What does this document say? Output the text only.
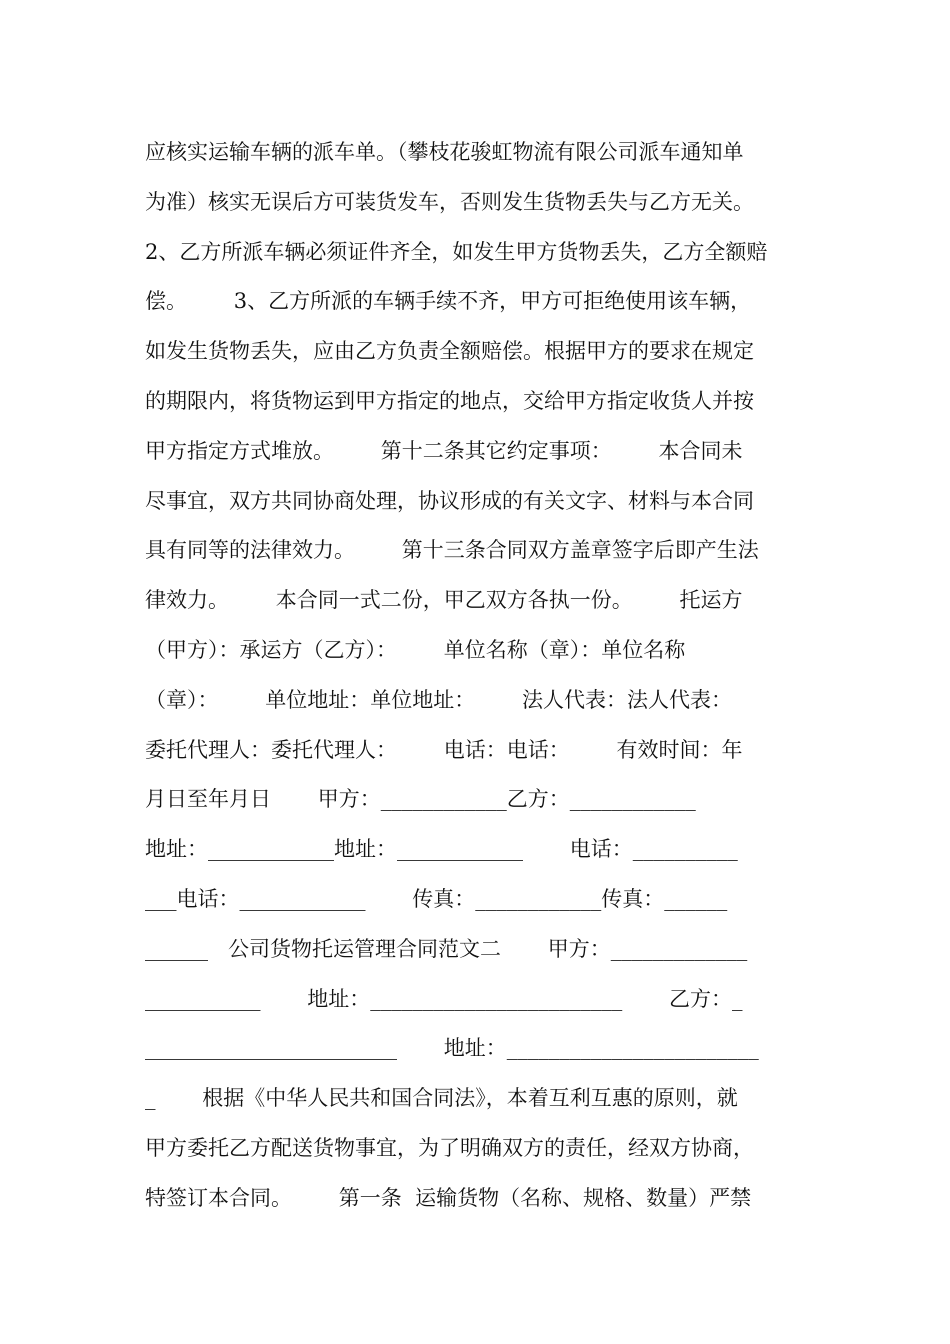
应核实运输车辆的派车单。（攀枝花骏虹物流有限公司派车通知单
为准）核实无误后方可装货发车，否则发生货物丢失与乙方无关。
2、乙方所派车辆必须证件齐全，如发生甲方货物丢失，乙方全额赔
偿。       3、乙方所派的车辆手续不齐，甲方可拒绝使用该车辆，
如发生货物丢失，应由乙方负责全额赔偿。根据甲方的要求在规定
的期限内，将货物运到甲方指定的地点，交给甲方指定收货人并按
甲方指定方式堆放。       第十二条其它约定事项：       本合同未
尽事宜，双方共同协商处理，协议形成的有关文字、材料与本合同
具有同等的法律效力。       第十三条合同双方盖章签字后即产生法
律效力。       本合同一式二份，甲乙双方各执一份。       托运方
（甲方）：承运方（乙方）：       单位名称（章）：单位名称
（章）：       单位地址：单位地址：       法人代表：法人代表：
委托代理人：委托代理人：       电话：电话：       有效时间：年
月日至年月日       甲方：____________乙方：____________
地址：____________地址：____________       电话：__________
___电话：____________       传真：____________传真：______
______   公司货物托运管理合同范文二       甲方：_____________
___________       地址：________________________       乙方：_
________________________       地址：________________________
_       根据《中华人民共和国合同法》，本着互利互惠的原则，就
甲方委托乙方配送货物事宜，为了明确双方的责任，经双方协商，
特签订本合同。       第一条  运输货物（名称、规格、数量）严禁
